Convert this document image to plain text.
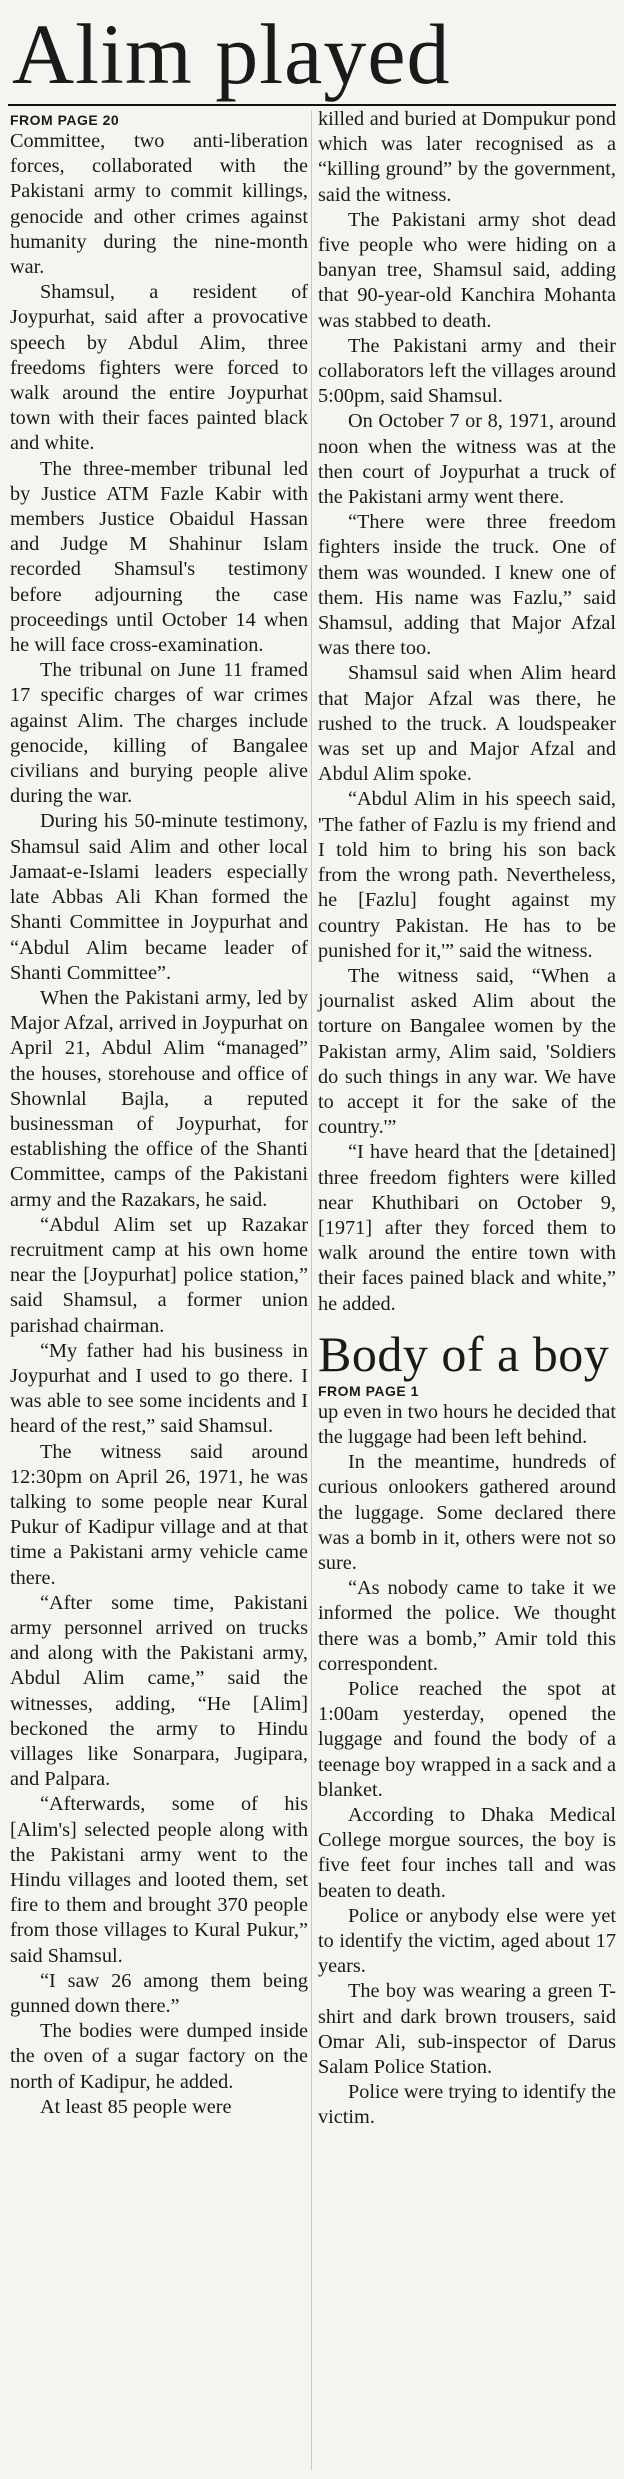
Alim played

FROM PAGE 20

Committee, two anti-liberation forces, collaborated with the Pakistani army to commit killings, genocide and other crimes against humanity during the nine-month war.

Shamsul, a resident of Joypurhat, said after a provocative speech by Abdul Alim, three freedoms fighters were forced to walk around the entire Joypurhat town with their faces painted black and white.

The three-member tribunal led by Justice ATM Fazle Kabir with members Justice Obaidul Hassan and Judge M Shahinur Islam recorded Shamsul's testimony before adjourning the case proceedings until October 14 when he will face cross-examination.

The tribunal on June 11 framed 17 specific charges of war crimes against Alim. The charges include genocide, killing of Bangalee civilians and burying people alive during the war.

During his 50-minute testimony, Shamsul said Alim and other local Jamaat-e-Islami leaders especially late Abbas Ali Khan formed the Shanti Committee in Joypurhat and “Abdul Alim became leader of Shanti Committee”.

When the Pakistani army, led by Major Afzal, arrived in Joypurhat on April 21, Abdul Alim “managed” the houses, storehouse and office of Shownlal Bajla, a reputed businessman of Joypurhat, for establishing the office of the Shanti Committee, camps of the Pakistani army and the Razakars, he said.

“Abdul Alim set up Razakar recruitment camp at his own home near the [Joypurhat] police station,” said Shamsul, a former union parishad chairman.

“My father had his business in Joypurhat and I used to go there. I was able to see some incidents and I heard of the rest,” said Shamsul.

The witness said around 12:30pm on April 26, 1971, he was talking to some people near Kural Pukur of Kadipur village and at that time a Pakistani army vehicle came there.

“After some time, Pakistani army personnel arrived on trucks and along with the Pakistani army, Abdul Alim came,” said the witnesses, adding, “He [Alim] beckoned the army to Hindu villages like Sonarpara, Jugipara, and Palpara.

“Afterwards, some of his [Alim's] selected people along with the Pakistani army went to the Hindu villages and looted them, set fire to them and brought 370 people from those villages to Kural Pukur,” said Shamsul.

“I saw 26 among them being gunned down there.”

The bodies were dumped inside the oven of a sugar factory on the north of Kadipur, he added.

At least 85 people were

killed and buried at Dompukur pond which was later recognised as a “killing ground” by the government, said the witness.

The Pakistani army shot dead five people who were hiding on a banyan tree, Shamsul said, adding that 90-year-old Kanchira Mohanta was stabbed to death.

The Pakistani army and their collaborators left the villages around 5:00pm, said Shamsul.

On October 7 or 8, 1971, around noon when the witness was at the then court of Joypurhat a truck of the Pakistani army went there.

“There were three freedom fighters inside the truck. One of them was wounded. I knew one of them. His name was Fazlu,” said Shamsul, adding that Major Afzal was there too.

Shamsul said when Alim heard that Major Afzal was there, he rushed to the truck. A loudspeaker was set up and Major Afzal and Abdul Alim spoke.

“Abdul Alim in his speech said, 'The father of Fazlu is my friend and I told him to bring his son back from the wrong path. Nevertheless, he [Fazlu] fought against my country Pakistan. He has to be punished for it,'” said the witness.

The witness said, “When a journalist asked Alim about the torture on Bangalee women by the Pakistan army, Alim said, 'Soldiers do such things in any war. We have to accept it for the sake of the country.'”

“I have heard that the [detained] three freedom fighters were killed near Khuthibari on October 9, [1971] after they forced them to walk around the entire town with their faces pained black and white,” he added.

Body of a boy

FROM PAGE 1

up even in two hours he decided that the luggage had been left behind.

In the meantime, hundreds of curious onlookers gathered around the luggage. Some declared there was a bomb in it, others were not so sure.

“As nobody came to take it we informed the police. We thought there was a bomb,” Amir told this correspondent.

Police reached the spot at 1:00am yesterday, opened the luggage and found the body of a teenage boy wrapped in a sack and a blanket.

According to Dhaka Medical College morgue sources, the boy is five feet four inches tall and was beaten to death.

Police or anybody else were yet to identify the victim, aged about 17 years.

The boy was wearing a green T-shirt and dark brown trousers, said Omar Ali, sub-inspector of Darus Salam Police Station.

Police were trying to identify the victim.
